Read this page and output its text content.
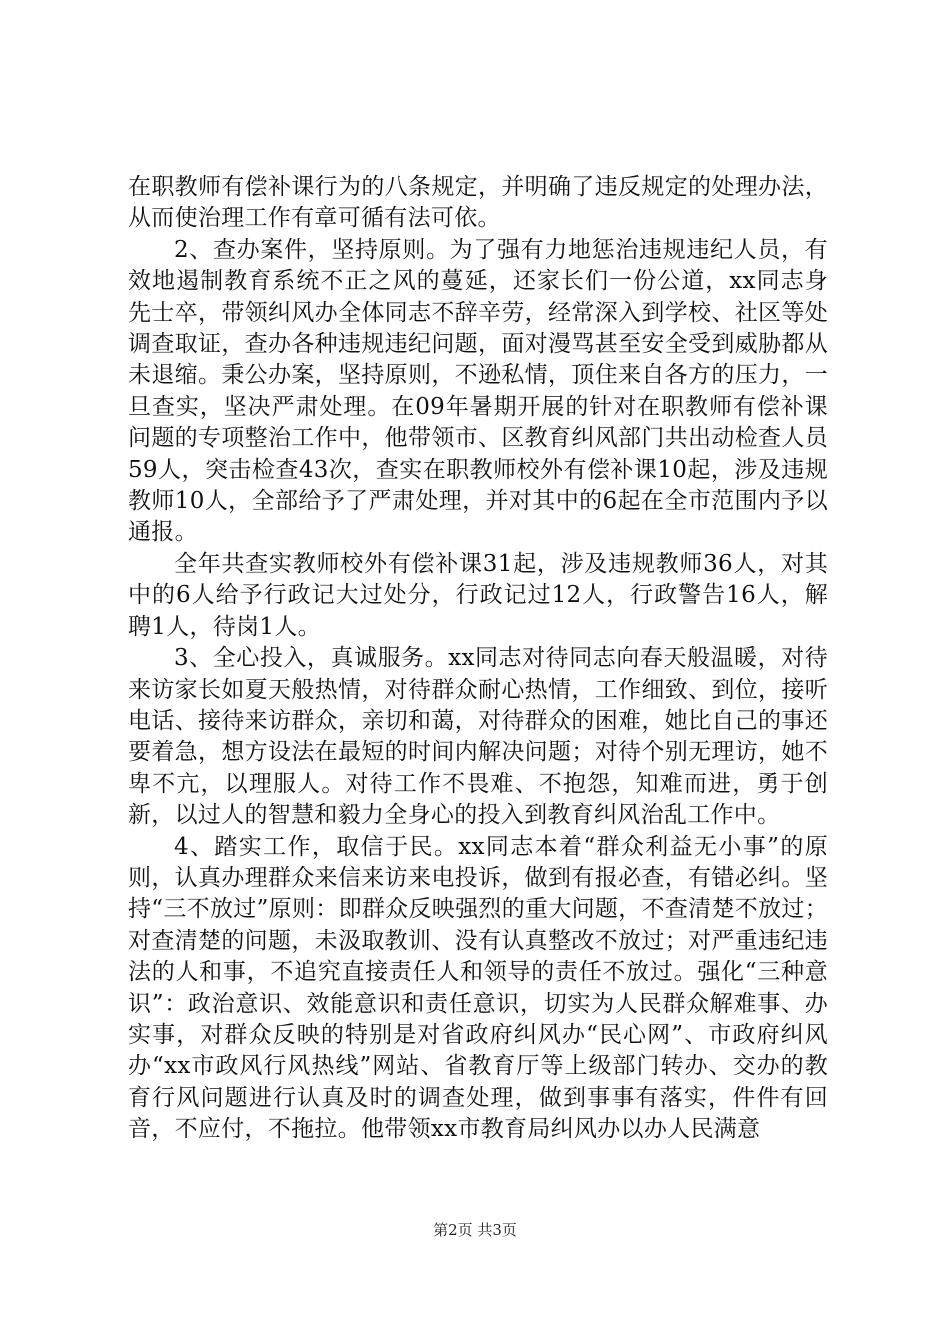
在职教师有偿补课行为的八条规定，并明确了违反规定的处理办法，从而使治理工作有章可循有法可依。

2、查办案件，坚持原则。为了强有力地惩治违规违纪人员，有效地遏制教育系统不正之风的蔓延，还家长们一份公道，xx同志身先士卒，带领纠风办全体同志不辞辛劳，经常深入到学校、社区等处调查取证，查办各种违规违纪问题，面对漫骂甚至安全受到威胁都从未退缩。秉公办案，坚持原则，不逊私情，顶住来自各方的压力，一旦查实，坚决严肃处理。在09年暑期开展的针对在职教师有偿补课问题的专项整治工作中，他带领市、区教育纠风部门共出动检查人员59人，突击检查43次，查实在职教师校外有偿补课10起，涉及违规教师10人，全部给予了严肃处理，并对其中的6起在全市范围内予以通报。

全年共查实教师校外有偿补课31起，涉及违规教师36人，对其中的6人给予行政记大过处分，行政记过12人，行政警告16人，解聘1人，待岗1人。

3、全心投入，真诚服务。xx同志对待同志向春天般温暖，对待来访家长如夏天般热情，对待群众耐心热情，工作细致、到位，接听电话、接待来访群众，亲切和蔼，对待群众的困难，她比自己的事还要着急，想方设法在最短的时间内解决问题；对待个别无理访，她不卑不亢，以理服人。对待工作不畏难、不抱怨，知难而进，勇于创新，以过人的智慧和毅力全身心的投入到教育纠风治乱工作中。

4、踏实工作，取信于民。xx同志本着“群众利益无小事”的原则，认真办理群众来信来访来电投诉，做到有报必查，有错必纠。坚持“三不放过”原则：即群众反映强烈的重大问题，不查清楚不放过；对查清楚的问题，未汲取教训、没有认真整改不放过；对严重违纪违法的人和事，不追究直接责任人和领导的责任不放过。强化“三种意识”：政治意识、效能意识和责任意识，切实为人民群众解难事、办实事，对群众反映的特别是对省政府纠风办“民心网”、市政府纠风办“xx市政风行风热线”网站、省教育厅等上级部门转办、交办的教育行风问题进行认真及时的调查处理，做到事事有落实，件件有回音，不应付，不拖拉。他带领xx市教育局纠风办以办人民满意

第2页 共3页
